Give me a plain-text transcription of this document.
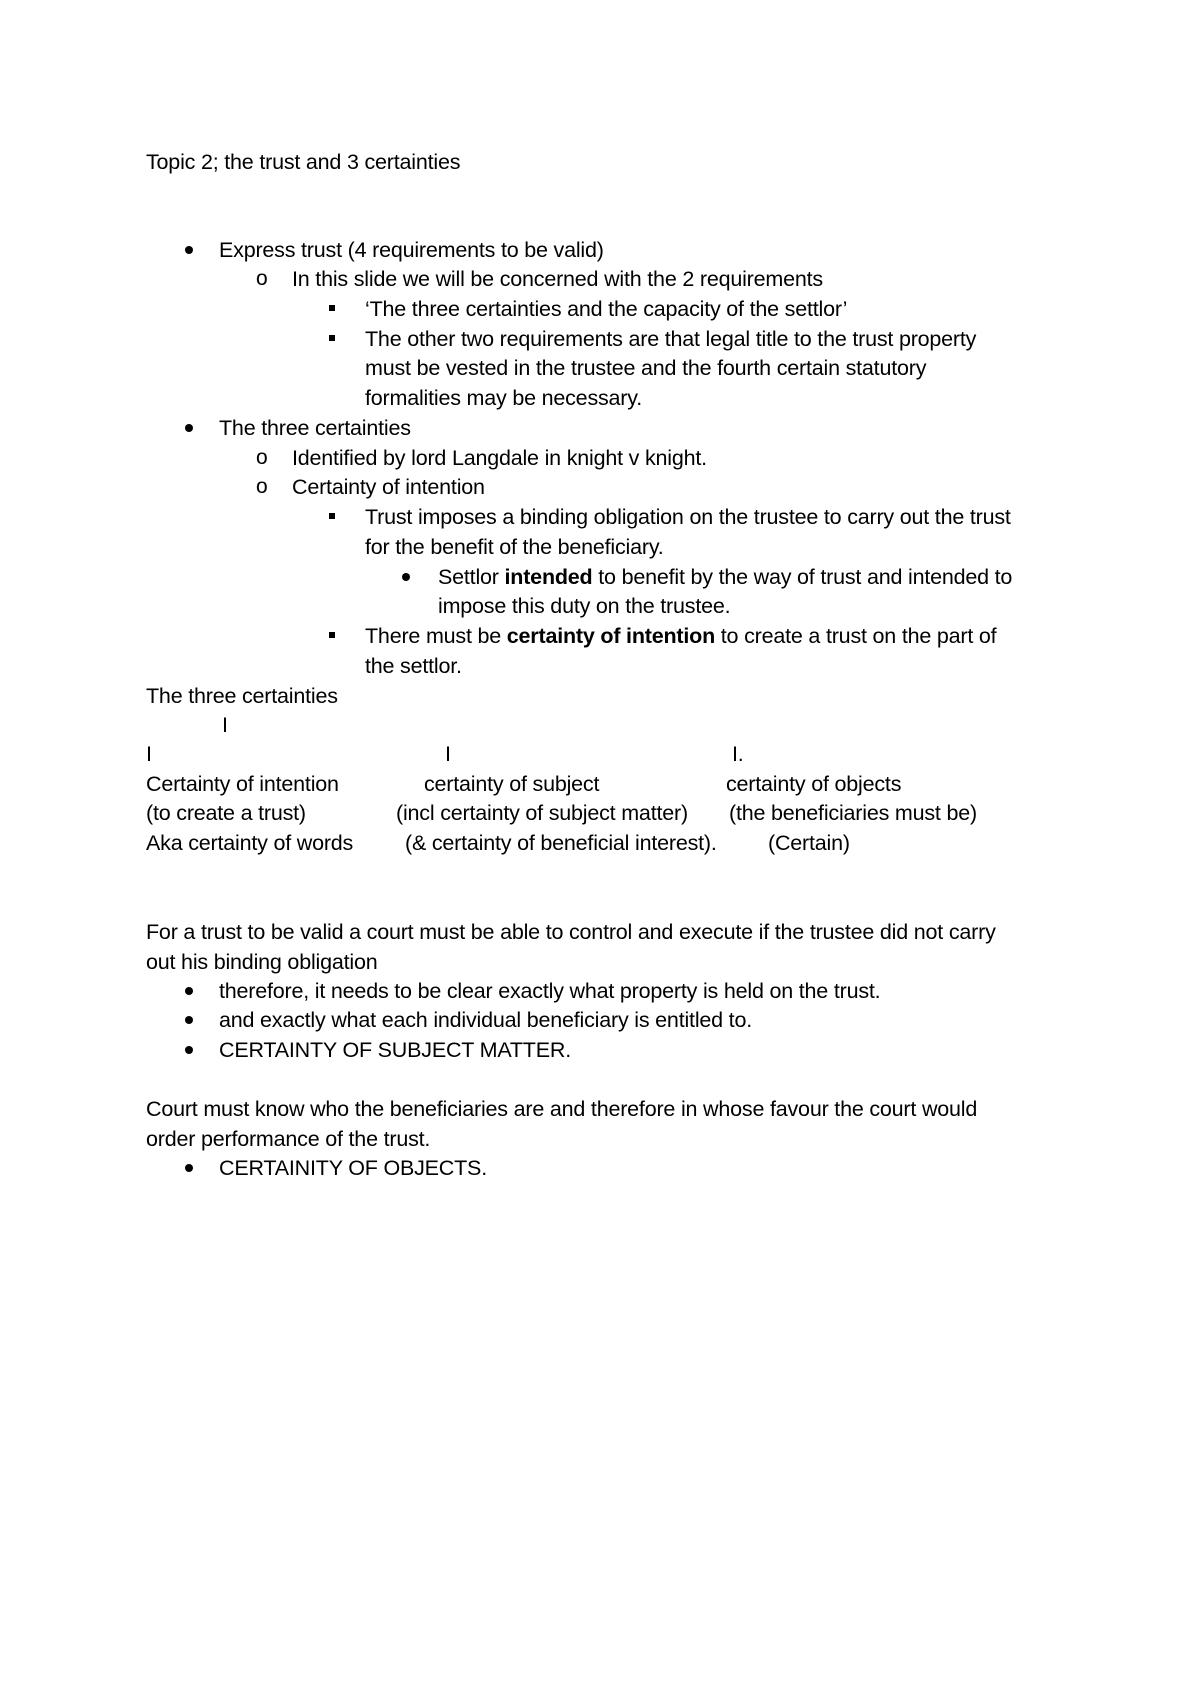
Topic 2; the trust and 3 certainties
Express trust (4 requirements to be valid)
o In this slide we will be concerned with the 2 requirements
‘The three certainties and the capacity of the settlor’
The other two requirements are that legal title to the trust property
must be vested in the trustee and the fourth certain statutory
formalities may be necessary.
The three certainties
o Identified by lord Langdale in knight v knight.
o Certainty of intention
Trust imposes a binding obligation on the trustee to carry out the trust
for the benefit of the beneficiary.
Settlor intended to benefit by the way of trust and intended to
impose this duty on the trustee.
There must be certainty of intention to create a trust on the part of
the settlor.
The three certainties
I
I	I	I.
Certainty of intention
(to create a trust)
Aka certainty of words
certainty of subject
(incl certainty of subject matter)
(& certainty of beneficial interest).
certainty of objects
(the beneficiaries must be)
(Certain)
For a trust to be valid a court must be able to control and execute if the trustee did not carry
out his binding obligation
therefore, it needs to be clear exactly what property is held on the trust.
and exactly what each individual beneficiary is entitled to.
CERTAINTY OF SUBJECT MATTER.
Court must know who the beneficiaries are and therefore in whose favour the court would
order performance of the trust.
CERTAINITY OF OBJECTS.
